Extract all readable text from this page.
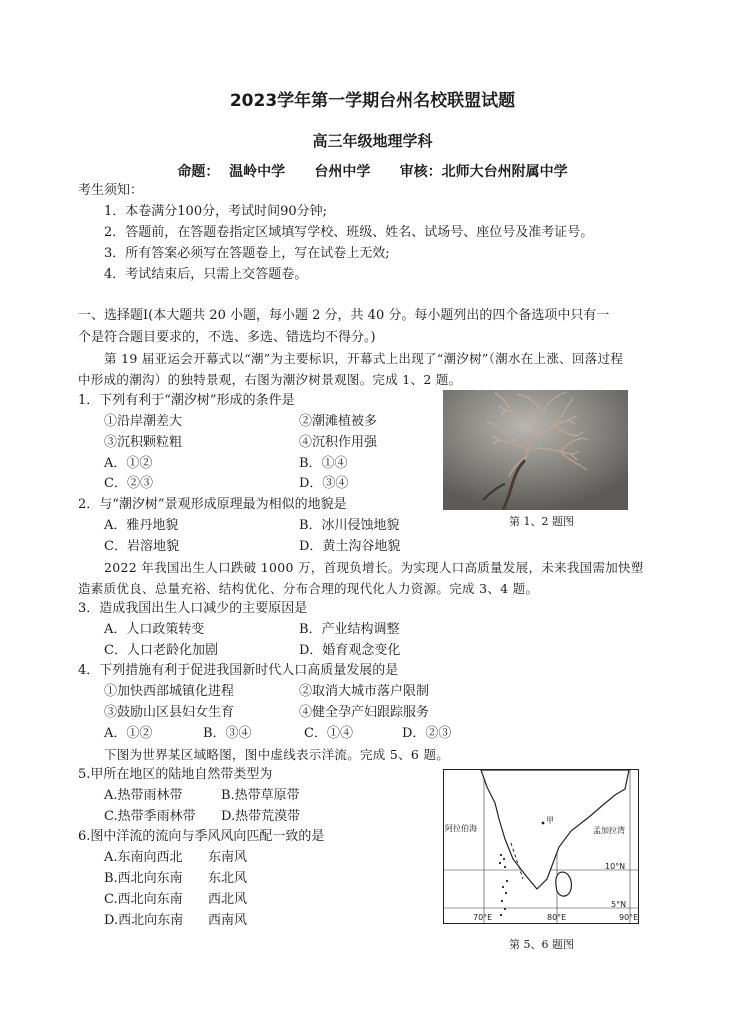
2023学年第一学期台州名校联盟试题
高三年级地理学科
命题：  温岭中学      台州中学      审核：北师大台州附属中学
考生须知：
1．本卷满分100分，考试时间90分钟;
2．答题前，在答题卷指定区域填写学校、班级、姓名、试场号、座位号及准考证号。
3．所有答案必须写在答题卷上，写在试卷上无效;
4．考试结束后，只需上交答题卷。
一、选择题Ⅰ(本大题共 20 小题，每小题 2 分，共 40 分。每小题列出的四个备选项中只有一
个是符合题目要求的，不选、多选、错选均不得分。)
第 19 届亚运会开幕式以“潮”为主要标识，开幕式上出现了“潮汐树”（潮水在上涨、回落过程
中形成的潮沟）的独特景观，右图为潮汐树景观图。完成 1、2 题。
1．下列有利于“潮汐树”形成的条件是
①沿岸潮差大	②潮滩植被多
③沉积颗粒粗	④沉积作用强
A．①②	B．①④
C．②③	D．③④
2．与“潮汐树”景观形成原理最为相似的地貌是
A．雅丹地貌	B．冰川侵蚀地貌
C．岩溶地貌	D．黄土沟谷地貌
第 1、2 题图
2022 年我国出生人口跌破 1000 万，首现负增长。为实现人口高质量发展，未来我国需加快塑
造素质优良、总量充裕、结构优化、分布合理的现代化人力资源。完成 3、4 题。
3．造成我国出生人口减少的主要原因是
A．人口政策转变	B．产业结构调整
C．人口老龄化加剧	D．婚育观念变化
4．下列措施有利于促进我国新时代人口高质量发展的是
①加快西部城镇化进程	②取消大城市落户限制
③鼓励山区县妇女生育	④健全孕产妇跟踪服务
A．①②	B．③④	C．①④	D．②③
下图为世界某区域略图，图中虚线表示洋流。完成 5、6 题。
5.甲所在地区的陆地自然带类型为
A.热带雨林带	B.热带草原带
C.热带季雨林带 D.热带荒漠带
6.图中洋流的流向与季风风向匹配一致的是
A.东南向西北 东南风
B.西北向东南 东北风
C.西北向东南 西北风
D.西北向东南 西南风
阿拉伯海	孟加拉湾
甲
10°N
5°N
70°E	80°E	90°E
第 5、6 题图
